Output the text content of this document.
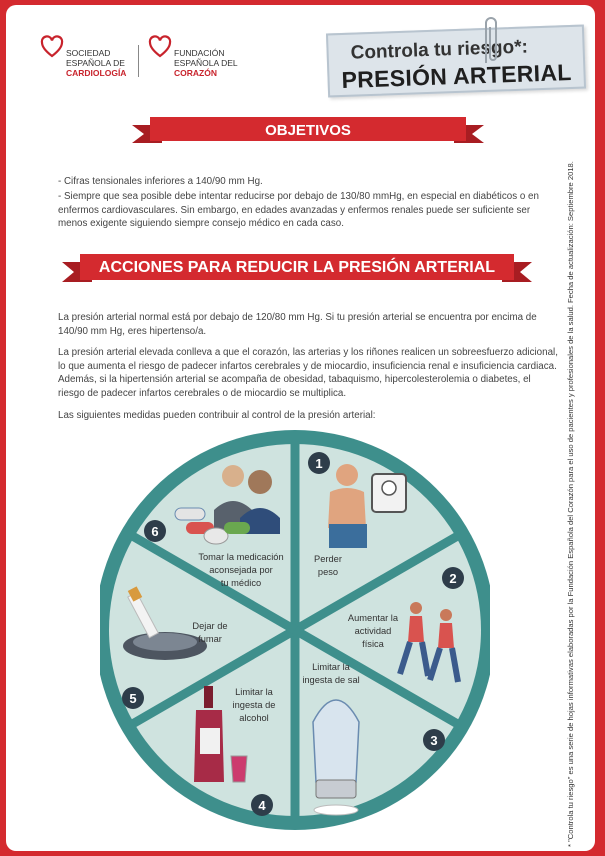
SOCIEDAD
ESPAÑOLA DE
CARDIOLOGÍA
FUNDACIÓN
ESPAÑOLA DEL
CORAZÓN
Controla tu riesgo*:
PRESIÓN ARTERIAL
OBJETIVOS
- Cifras tensionales inferiores a 140/90 mm Hg.
- Siempre que sea posible debe intentar reducirse por debajo de 130/80 mmHg, en especial en diabéticos o en enfermos cardiovasculares. Sin embargo, en edades avanzadas y enfermos renales puede ser suficiente ser menos exigente siguiendo siempre consejo médico en cada caso.
ACCIONES PARA REDUCIR LA PRESIÓN ARTERIAL
La presión arterial normal está por debajo de 120/80 mm Hg. Si tu presión arterial se encuentra por encima de 140/90 mm Hg, eres hipertenso/a.
La presión arterial elevada conlleva a que el corazón, las arterias y los riñones realicen un sobreesfuerzo adicional, lo que aumenta el riesgo de padecer infartos cerebrales y de miocardio, insuficiencia renal e insuficiencia cardiaca. Además, si la hipertensión arterial se acompaña de obesidad, tabaquismo, hipercolesterolemia o diabetes, el riesgo de padecer infartos cerebrales o de miocardio se multiplica.
Las siguientes medidas pueden contribuir al control de la presión arterial:
1
2
3
4
5
6
Perder
peso
Aumentar la
actividad
física
Limitar la
ingesta de sal
Limitar la
ingesta de
alcohol
Dejar de
fumar
Tomar la medicación
aconsejada por
tu médico	* "Controla tu riesgo" es una serie de hojas informativas elaboradas por la Fundación Española del Corazón para el uso de pacientes y profesionales de la salud. Fecha de actualización: Septiembre 2018.
